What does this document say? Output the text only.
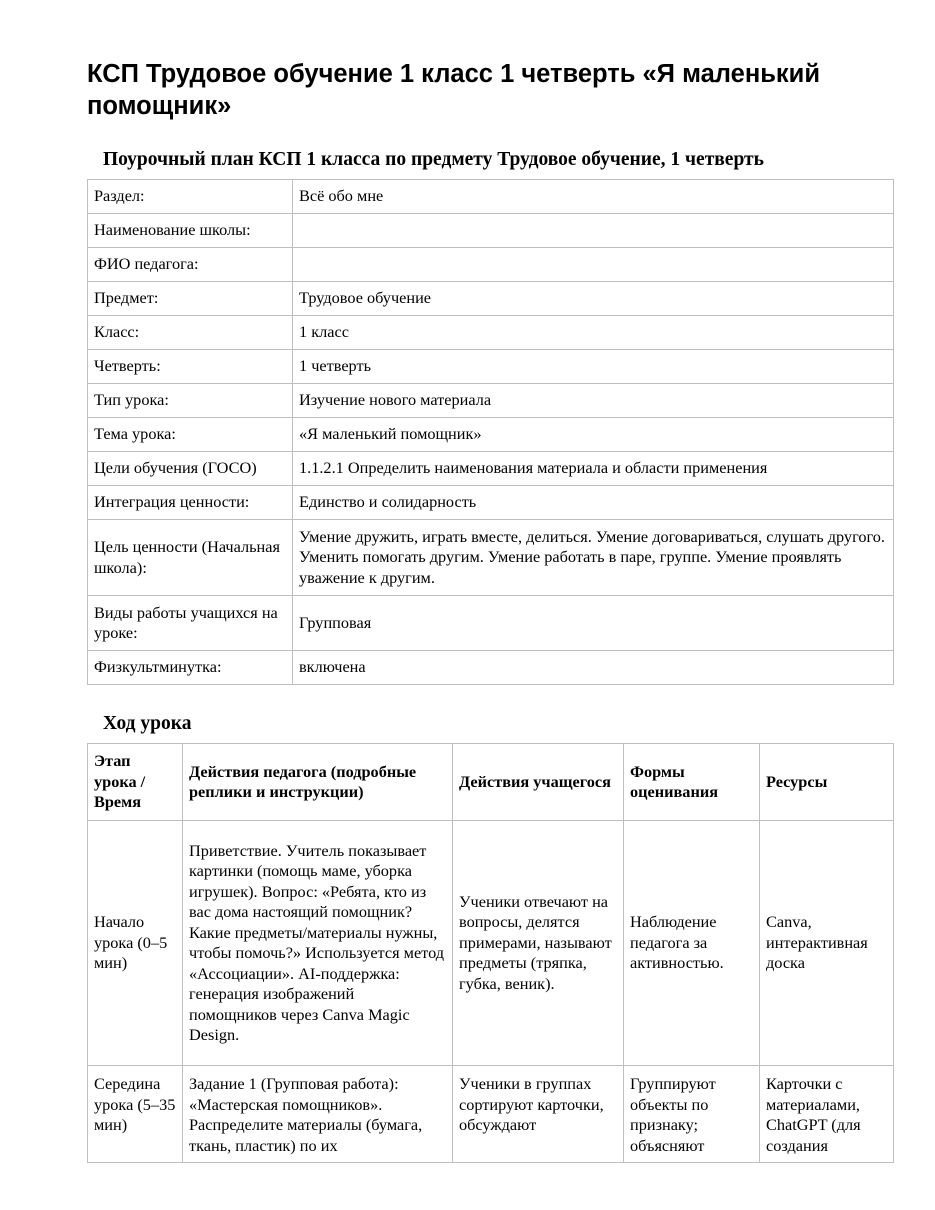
КСП Трудовое обучение 1 класс 1 четверть «Я маленький помощник»
Поурочный план КСП 1 класса по предмету Трудовое обучение, 1 четверть
Раздел:	Всё обо мне
Наименование школы:	
ФИО педагога:	
Предмет:	Трудовое обучение
Класс:	1 класс
Четверть:	1 четверть
Тип урока:	Изучение нового материала
Тема урока:	«Я маленький помощник»
Цели обучения (ГОСО)	1.1.2.1 Определить наименования материала и области применения
Интеграция ценности:	Единство и солидарность
Цель ценности (Начальная школа):	Умение дружить, играть вместе, делиться. Умение договариваться, слушать другого. Уменить помогать другим. Умение работать в паре, группе. Умение проявлять уважение к другим.
Виды работы учащихся на уроке:	Групповая
Физкультминутка:	включена
Ход урока
Этап урока / Время	Действия педагога (подробные реплики и инструкции)	Действия учащегося	Формы оценивания	Ресурсы
Начало урока (0–5 мин)	Приветствие. Учитель показывает картинки (помощь маме, уборка игрушек). Вопрос: «Ребята, кто из вас дома настоящий помощник? Какие предметы/материалы нужны, чтобы помочь?» Используется метод «Ассоциации». AI-поддержка: генерация изображений помощников через Canva Magic Design.	Ученики отвечают на вопросы, делятся примерами, называют предметы (тряпка, губка, веник).	Наблюдение педагога за активностью.	Canva, интерактивная доска
Середина урока (5–35 мин)	Задание 1 (Групповая работа): «Мастерская помощников». Распределите материалы (бумага, ткань, пластик) по их	Ученики в группах сортируют карточки, обсуждают	Группируют объекты по признаку; объясняют	Карточки с материалами, ChatGPT (для создания
